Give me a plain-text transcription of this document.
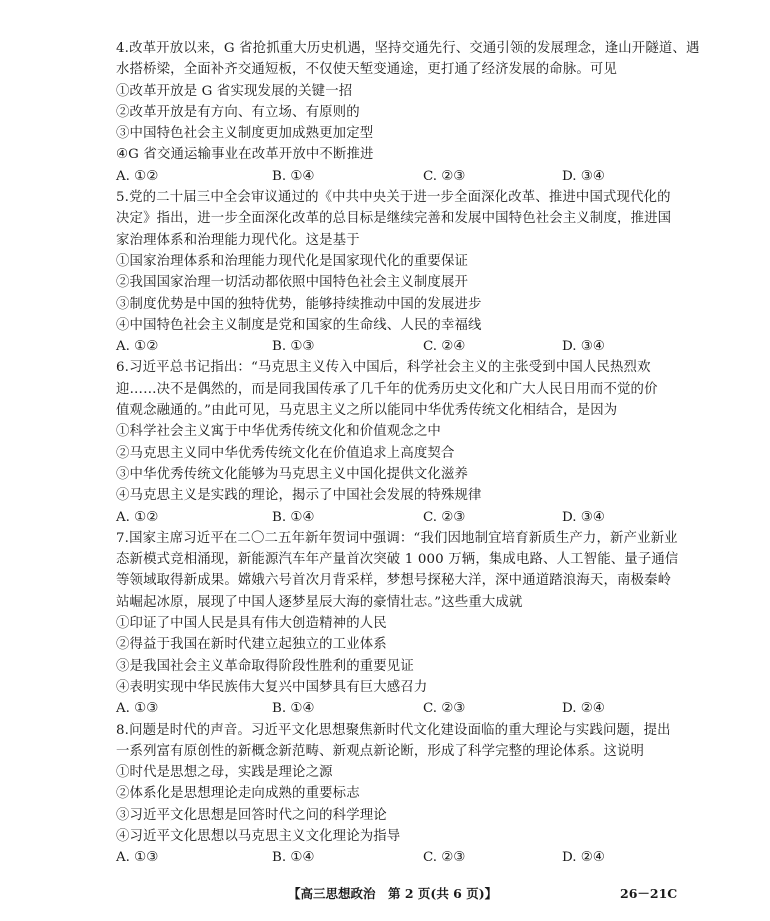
4.改革开放以来，G 省抢抓重大历史机遇，坚持交通先行、交通引领的发展理念，逢山开隧道、遇
水搭桥梁，全面补齐交通短板，不仅使天堑变通途，更打通了经济发展的命脉。可见
①改革开放是 G 省实现发展的关键一招
②改革开放是有方向、有立场、有原则的
③中国特色社会主义制度更加成熟更加定型
④G 省交通运输事业在改革开放中不断推进
A. ①②	B. ①④	C. ②③	D. ③④
5.党的二十届三中全会审议通过的《中共中央关于进一步全面深化改革、推进中国式现代化的
决定》指出，进一步全面深化改革的总目标是继续完善和发展中国特色社会主义制度，推进国
家治理体系和治理能力现代化。这是基于
①国家治理体系和治理能力现代化是国家现代化的重要保证
②我国国家治理一切活动都依照中国特色社会主义制度展开
③制度优势是中国的独特优势，能够持续推动中国的发展进步
④中国特色社会主义制度是党和国家的生命线、人民的幸福线
A. ①②	B. ①③	C. ②④	D. ③④
6.习近平总书记指出：“马克思主义传入中国后，科学社会主义的主张受到中国人民热烈欢
迎……决不是偶然的，而是同我国传承了几千年的优秀历史文化和广大人民日用而不觉的价
值观念融通的。”由此可见，马克思主义之所以能同中华优秀传统文化相结合，是因为
①科学社会主义寓于中华优秀传统文化和价值观念之中
②马克思主义同中华优秀传统文化在价值追求上高度契合
③中华优秀传统文化能够为马克思主义中国化提供文化滋养
④马克思主义是实践的理论，揭示了中国社会发展的特殊规律
A. ①②	B. ①④	C. ②③	D. ③④
7.国家主席习近平在二〇二五年新年贺词中强调：“我们因地制宜培育新质生产力，新产业新业
态新模式竞相涌现，新能源汽车年产量首次突破 1 000 万辆，集成电路、人工智能、量子通信
等领域取得新成果。嫦娥六号首次月背采样，梦想号探秘大洋，深中通道踏浪海天，南极秦岭
站崛起冰原，展现了中国人逐梦星辰大海的豪情壮志。”这些重大成就
①印证了中国人民是具有伟大创造精神的人民
②得益于我国在新时代建立起独立的工业体系
③是我国社会主义革命取得阶段性胜利的重要见证
④表明实现中华民族伟大复兴中国梦具有巨大感召力
A. ①③	B. ①④	C. ②③	D. ②④
8.问题是时代的声音。习近平文化思想聚焦新时代文化建设面临的重大理论与实践问题，提出
一系列富有原创性的新概念新范畴、新观点新论断，形成了科学完整的理论体系。这说明
①时代是思想之母，实践是理论之源
②体系化是思想理论走向成熟的重要标志
③习近平文化思想是回答时代之问的科学理论
④习近平文化思想以马克思主义文化理论为指导
A. ①③	B. ①④	C. ②③	D. ②④
【高三思想政治　第 2 页(共 6 页)】	26－21C
